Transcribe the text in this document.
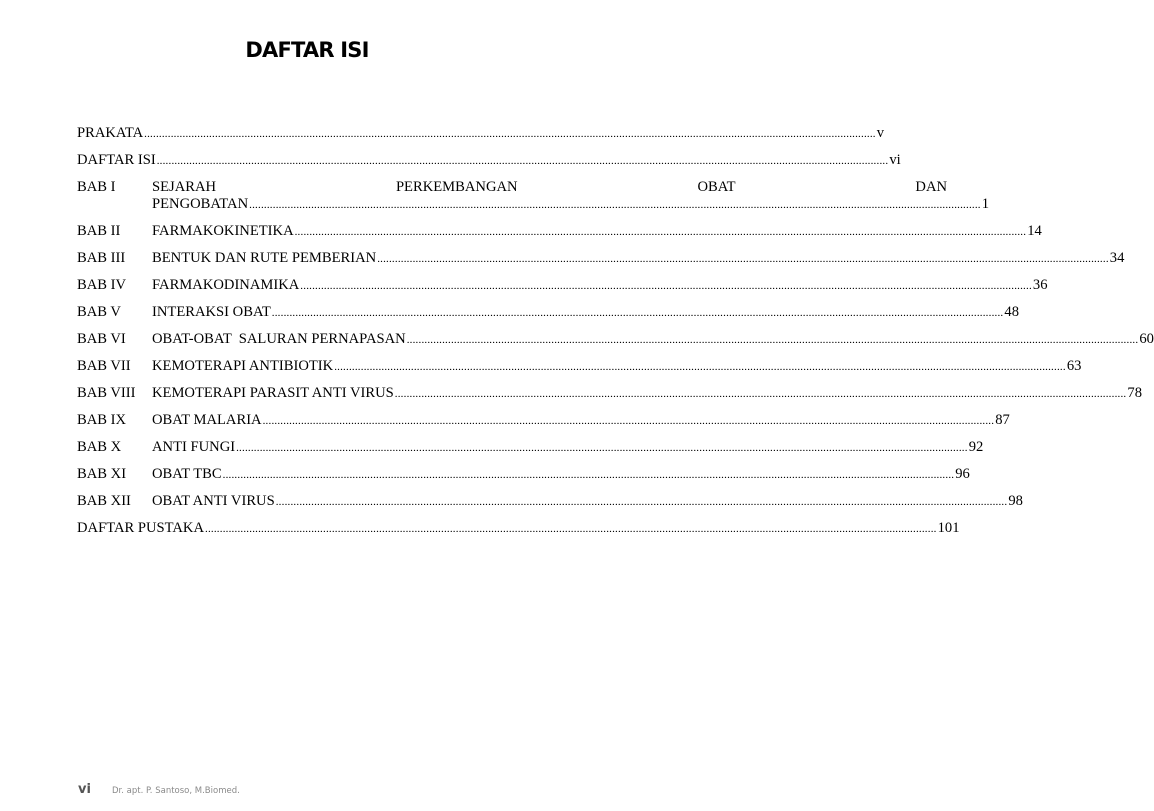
DAFTAR ISI
PRAKATA .....	v
DAFTAR ISI .....	vi
BAB I	SEJARAH	PERKEMBANGAN	OBAT	DAN
PENGOBATAN .....	1
BAB II	FARMAKOKINETIKA .....	14
BAB III	BENTUK DAN RUTE PEMBERIAN .....	34
BAB IV	FARMAKODINAMIKA .....	36
BAB V	INTERAKSI OBAT .....	48
BAB VI	OBAT-OBAT  SALURAN PERNAPASAN .....	60
BAB VII	KEMOTERAPI ANTIBIOTIK .....	63
BAB VIII	KEMOTERAPI PARASIT ANTI VIRUS .....	78
BAB IX	OBAT MALARIA .....	87
BAB X	ANTI FUNGI .....	92
BAB XI	OBAT TBC .....	96
BAB XII	OBAT ANTI VIRUS .....	98
DAFTAR PUSTAKA .....	101
vi	Dr. apt. P. Santoso, M.Biomed.
